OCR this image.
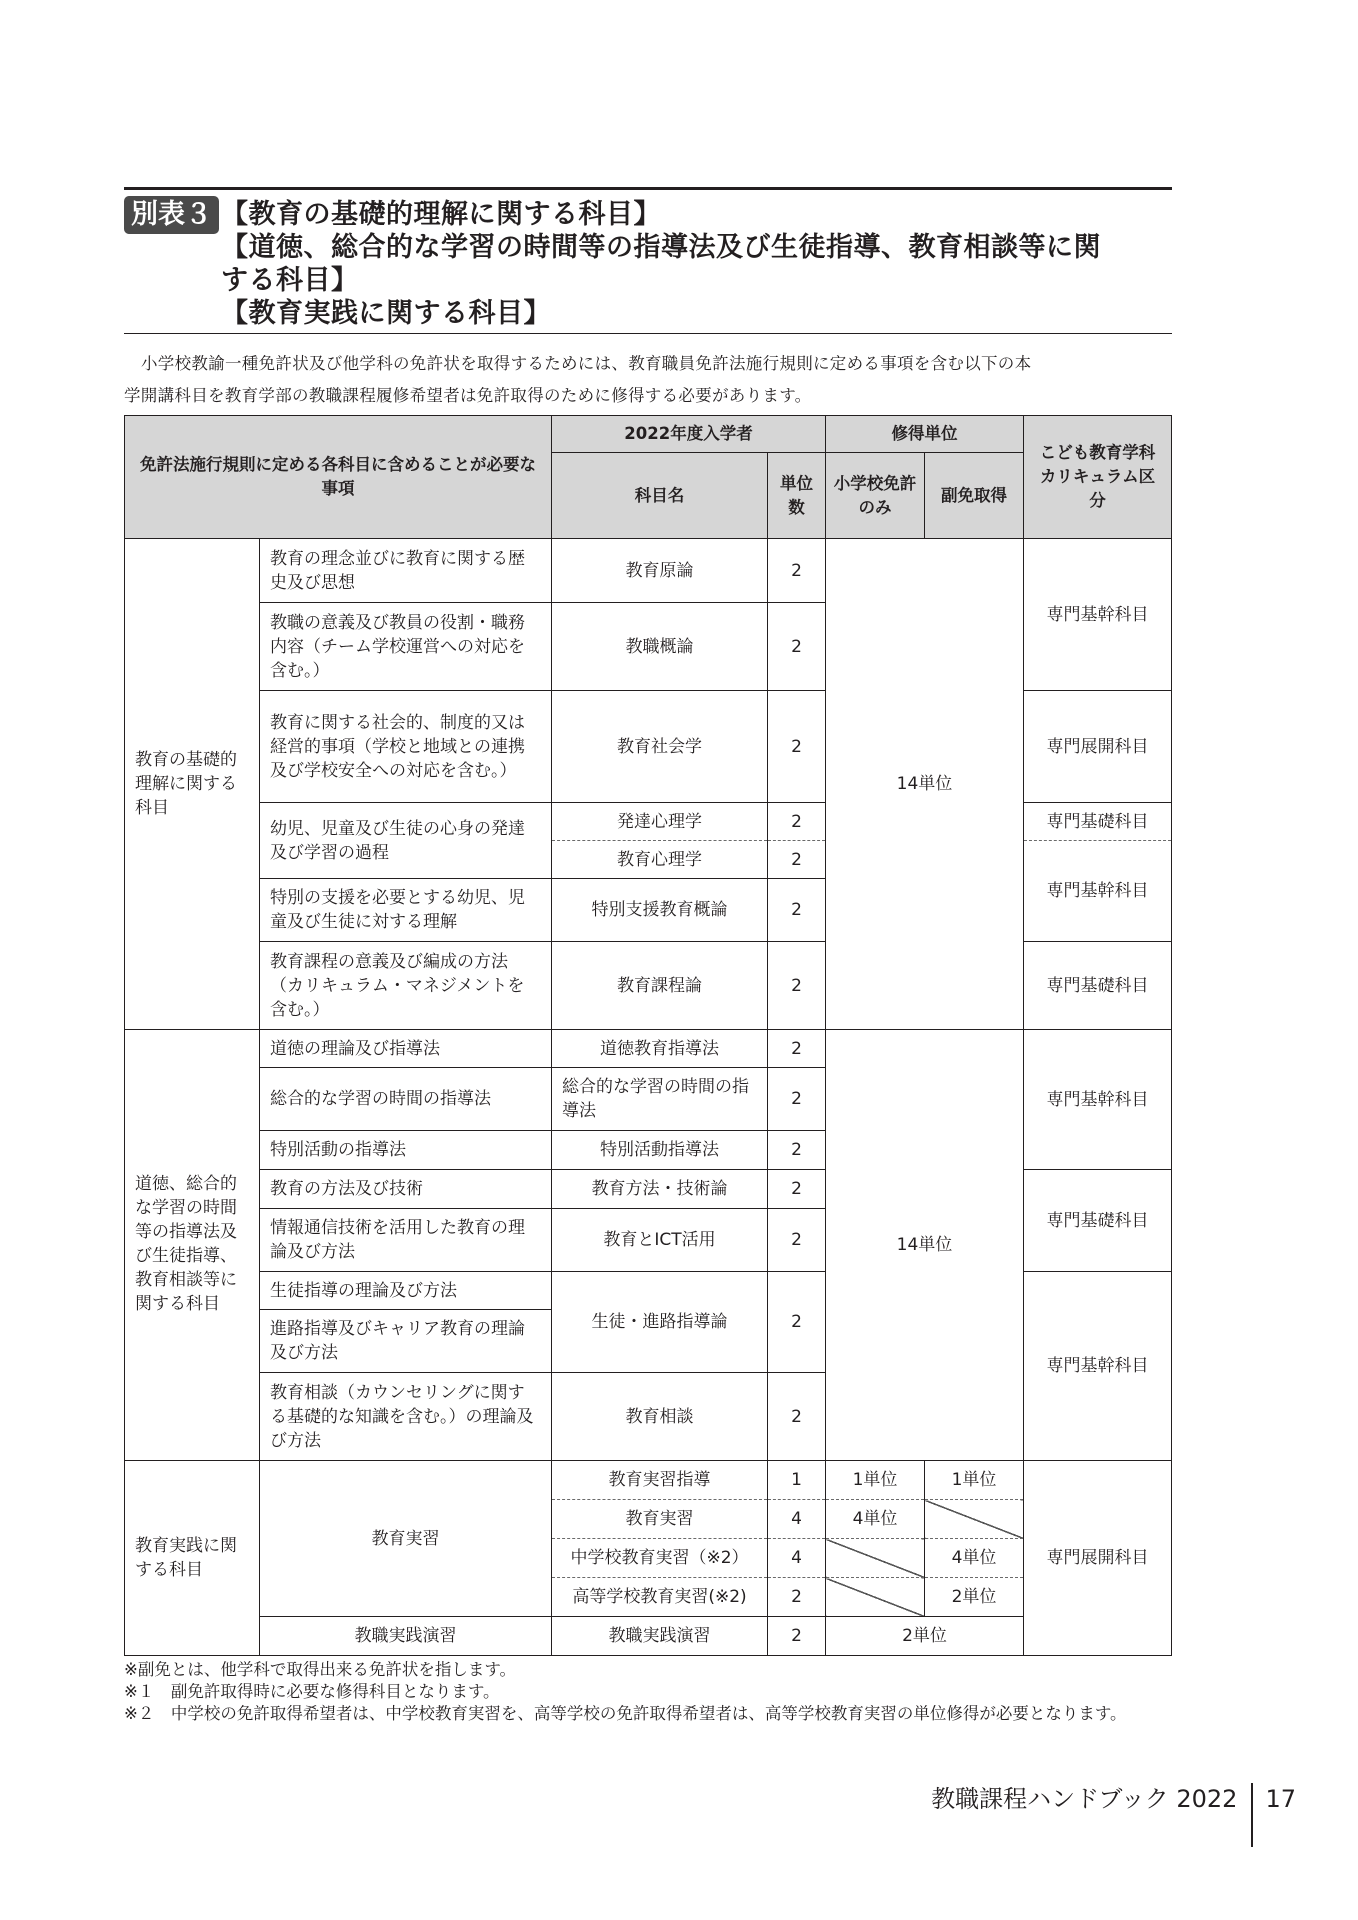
別表３ 【教育の基礎的理解に関する科目】
【道徳、総合的な学習の時間等の指導法及び生徒指導、教育相談等に関
する科目】
【教育実践に関する科目】

小学校教諭一種免許状及び他学科の免許状を取得するためには、教育職員免許法施行規則に定める事項を含む以下の本

学開講科目を教育学部の教職課程履修希望者は免許取得のために修得する必要があります。

免許法施行規則に定める各科目に含めることが必要な事項		2022年度入学者		修得単位		こども教育学科カリキュラム区分
		科目名	単位数	小学校免許のみ	副免取得	
教育の基礎的理解に関する科目	教育の理念並びに教育に関する歴史及び思想	教育原論	2	14単位		専門基幹科目
	教職の意義及び教員の役割・職務内容（チーム学校運営への対応を含む。）	教職概論	2			
	教育に関する社会的、制度的又は経営的事項（学校と地域との連携及び学校安全への対応を含む。）	教育社会学	2			専門展開科目
	幼児、児童及び生徒の心身の発達及び学習の過程	発達心理学	2			専門基礎科目
		教育心理学	2			専門基幹科目
	特別の支援を必要とする幼児、児童及び生徒に対する理解	特別支援教育概論	2			
	教育課程の意義及び編成の方法（カリキュラム・マネジメントを含む。）	教育課程論	2			専門基礎科目
道徳、総合的な学習の時間等の指導法及び生徒指導、教育相談等に関する科目	道徳の理論及び指導法	道徳教育指導法	2	14単位		専門基幹科目
	総合的な学習の時間の指導法	総合的な学習の時間の指導法	2			
	特別活動の指導法	特別活動指導法	2			
	教育の方法及び技術	教育方法・技術論	2			専門基礎科目
	情報通信技術を活用した教育の理論及び方法	教育とICT活用	2			
	生徒指導の理論及び方法	生徒・進路指導論	2			専門基幹科目
	進路指導及びキャリア教育の理論及び方法					
	教育相談（カウンセリングに関する基礎的な知識を含む。）の理論及び方法	教育相談	2			
教育実践に関する科目	教育実習	教育実習指導	1	1単位	1単位	専門展開科目
		教育実習	4	4単位		
		中学校教育実習（※2）	4		4単位	
		高等学校教育実習(※2)	2		2単位	
	教職実践演習	教職実践演習	2	2単位		

※副免とは、他学科で取得出来る免許状を指します。

※１　副免許取得時に必要な修得科目となります。

※２　中学校の免許取得希望者は、中学校教育実習を、高等学校の免許取得希望者は、高等学校教育実習の単位修得が必要となります。

教職課程ハンドブック 2022 17
